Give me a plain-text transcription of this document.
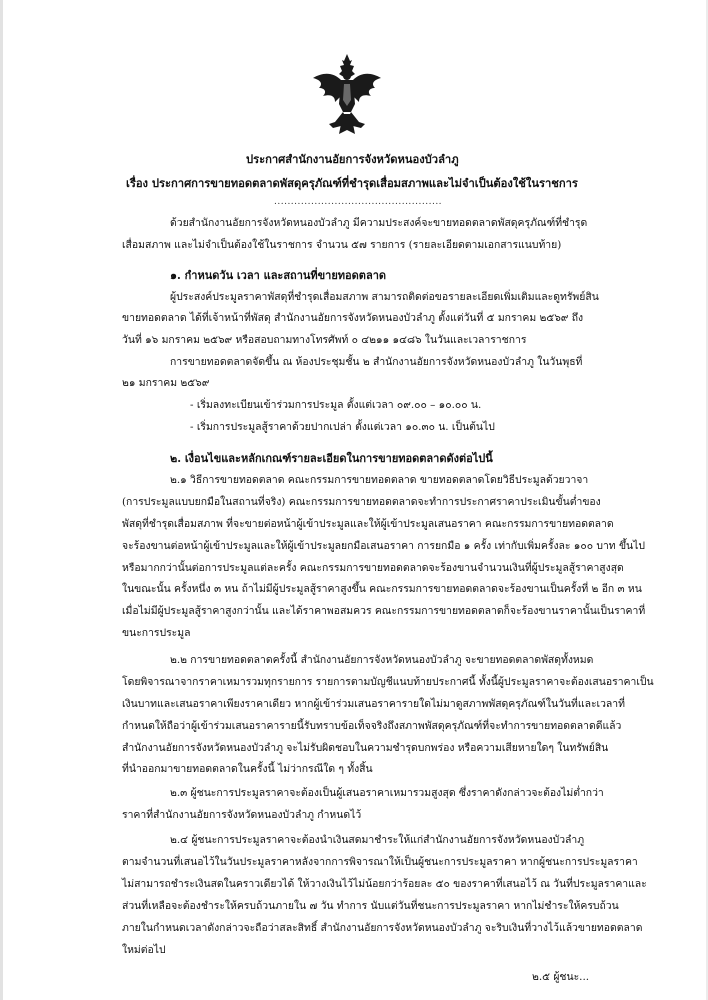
ประกาศสำนักงานอัยการจังหวัดหนองบัวลำภู
เรื่อง ประกาศการขายทอดตลาดพัสดุครุภัณฑ์ที่ชำรุดเสื่อมสภาพและไม่จำเป็นต้องใช้ในราชการ
..................................................
ด้วยสำนักงานอัยการจังหวัดหนองบัวลำภู มีความประสงค์จะขายทอดตลาดพัสดุครุภัณฑ์ที่ชำรุด
เสื่อมสภาพ และไม่จำเป็นต้องใช้ในราชการ จำนวน ๕๗ รายการ (รายละเอียดตามเอกสารแนบท้าย)
๑. กำหนดวัน เวลา และสถานที่ขายทอดตลาด
ผู้ประสงค์ประมูลราคาพัสดุที่ชำรุดเสื่อมสภาพ สามารถติดต่อขอรายละเอียดเพิ่มเติมและดูทรัพย์สิน
ขายทอดตลาด ได้ที่เจ้าหน้าที่พัสดุ สำนักงานอัยการจังหวัดหนองบัวลำภู ตั้งแต่วันที่ ๕ มกราคม ๒๕๖๙ ถึง
วันที่ ๑๖ มกราคม ๒๕๖๙ หรือสอบถามทางโทรศัพท์ ๐ ๔๒๑๑ ๑๔๘๖ ในวันและเวลาราชการ
การขายทอดตลาดจัดขึ้น ณ ห้องประชุมชั้น ๒ สำนักงานอัยการจังหวัดหนองบัวลำภู ในวันพุธที่
๒๑ มกราคม ๒๕๖๙
- เริ่มลงทะเบียนเข้าร่วมการประมูล ตั้งแต่เวลา ๐๙.๐๐ – ๑๐.๐๐ น.
- เริ่มการประมูลสู้ราคาด้วยปากเปล่า ตั้งแต่เวลา ๑๐.๓๐ น. เป็นต้นไป
๒. เงื่อนไขและหลักเกณฑ์รายละเอียดในการขายทอดตลาดดังต่อไปนี้
๒.๑ วิธีการขายทอดตลาด คณะกรรมการขายทอดตลาด ขายทอดตลาดโดยวิธีประมูลด้วยวาจา
(การประมูลแบบยกมือในสถานที่จริง) คณะกรรมการขายทอดตลาดจะทำการประกาศราคาประเมินขั้นต่ำของ
พัสดุที่ชำรุดเสื่อมสภาพ ที่จะขายต่อหน้าผู้เข้าประมูลและให้ผู้เข้าประมูลเสนอราคา คณะกรรมการขายทอดตลาด
จะร้องขานต่อหน้าผู้เข้าประมูลและให้ผู้เข้าประมูลยกมือเสนอราคา การยกมือ ๑ ครั้ง เท่ากับเพิ่มครั้งละ ๑๐๐ บาท ขึ้นไป
หรือมากกว่านั้นต่อการประมูลแต่ละครั้ง คณะกรรมการขายทอดตลาดจะร้องขานจำนวนเงินที่ผู้ประมูลสู้ราคาสูงสุด
ในขณะนั้น ครั้งหนึ่ง ๓ หน ถ้าไม่มีผู้ประมูลสู้ราคาสูงขึ้น คณะกรรมการขายทอดตลาดจะร้องขานเป็นครั้งที่ ๒ อีก ๓ หน
เมื่อไม่มีผู้ประมูลสู้ราคาสูงกว่านั้น และได้ราคาพอสมควร คณะกรรมการขายทอดตลาดก็จะร้องขานราคานั้นเป็นราคาที่
ขนะการประมูล
๒.๒ การขายทอดตลาดครั้งนี้ สำนักงานอัยการจังหวัดหนองบัวลำภู จะขายทอดตลาดพัสดุทั้งหมด
โดยพิจารณาจากราคาเหมารวมทุกรายการ รายการตามบัญชีแนบท้ายประกาศนี้ ทั้งนี้ผู้ประมูลราคาจะต้องเสนอราคาเป็น
เงินบาทและเสนอราคาเพียงราคาเดียว หากผู้เข้าร่วมเสนอราคารายใดไม่มาดูสภาพพัสดุครุภัณฑ์ในวันที่และเวลาที่
กำหนดให้ถือว่าผู้เข้าร่วมเสนอราคารายนี้รับทราบข้อเท็จจริงถึงสภาพพัสดุครุภัณฑ์ที่จะทำการขายทอดตลาดดีแล้ว
สำนักงานอัยการจังหวัดหนองบัวลำภู จะไม่รับผิดชอบในความชำรุดบกพร่อง หรือความเสียหายใดๆ ในทรัพย์สิน
ที่นำออกมาขายทอดตลาดในครั้งนี้ ไม่ว่ากรณีใด ๆ ทั้งสิ้น
๒.๓ ผู้ชนะการประมูลราคาจะต้องเป็นผู้เสนอราคาเหมารวมสูงสุด ซึ่งราคาดังกล่าวจะต้องไม่ต่ำกว่า
ราคาที่สำนักงานอัยการจังหวัดหนองบัวลำภู กำหนดไว้
๒.๔ ผู้ชนะการประมูลราคาจะต้องนำเงินสดมาชำระให้แก่สำนักงานอัยการจังหวัดหนองบัวลำภู
ตามจำนวนที่เสนอไว้ในวันประมูลราคาหลังจากการพิจารณาให้เป็นผู้ชนะการประมูลราคา หากผู้ชนะการประมูลราคา
ไม่สามารถชำระเงินสดในคราวเดียวได้ ให้วางเงินไว้ไม่น้อยกว่าร้อยละ ๕๐ ของราคาที่เสนอไว้ ณ วันที่ประมูลราคาและ
ส่วนที่เหลือจะต้องชำระให้ครบถ้วนภายใน ๗ วัน ทำการ นับแต่วันที่ชนะการประมูลราคา หากไม่ชำระให้ครบถ้วน
ภายในกำหนดเวลาดังกล่าวจะถือว่าสละสิทธิ์ สำนักงานอัยการจังหวัดหนองบัวลำภู จะริบเงินที่วางไว้แล้วขายทอดตลาด
ใหม่ต่อไป
๒.๕ ผู้ชนะ...
